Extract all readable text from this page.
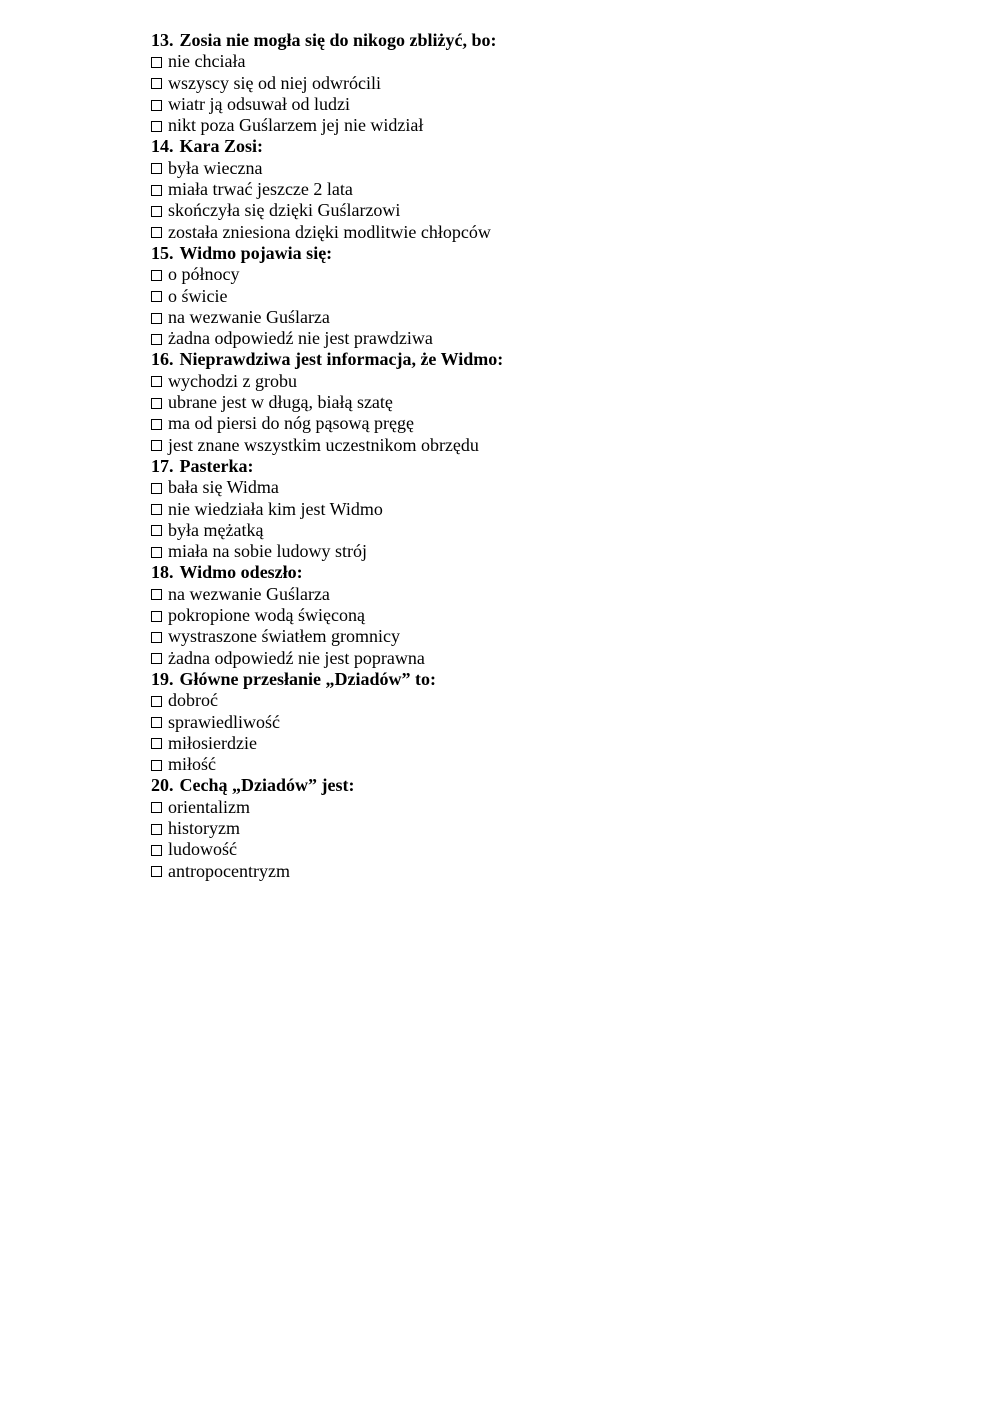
13. Zosia nie mogła się do nikogo zbliżyć, bo:
nie chciała
wszyscy się od niej odwrócili
wiatr ją odsuwał od ludzi
nikt poza Guślarzem jej nie widział
14. Kara Zosi:
była wieczna
miała trwać jeszcze 2 lata
skończyła się dzięki Guślarzowi
została zniesiona dzięki modlitwie chłopców
15. Widmo pojawia się:
o północy
o świcie
na wezwanie Guślarza
żadna odpowiedź nie jest prawdziwa
16. Nieprawdziwa jest informacja, że Widmo:
wychodzi z grobu
ubrane jest w długą, białą szatę
ma od piersi do nóg pąsową pręgę
jest znane wszystkim uczestnikom obrzędu
17. Pasterka:
bała się Widma
nie wiedziała kim jest Widmo
była mężatką
miała na sobie ludowy strój
18. Widmo odeszło:
na wezwanie Guślarza
pokropione wodą święconą
wystraszone światłem gromnicy
żadna odpowiedź nie jest poprawna
19. Główne przesłanie „Dziadów” to:
dobroć
sprawiedliwość
miłosierdzie
miłość
20. Cechą „Dziadów” jest:
orientalizm
historyzm
ludowość
antropocentryzm
